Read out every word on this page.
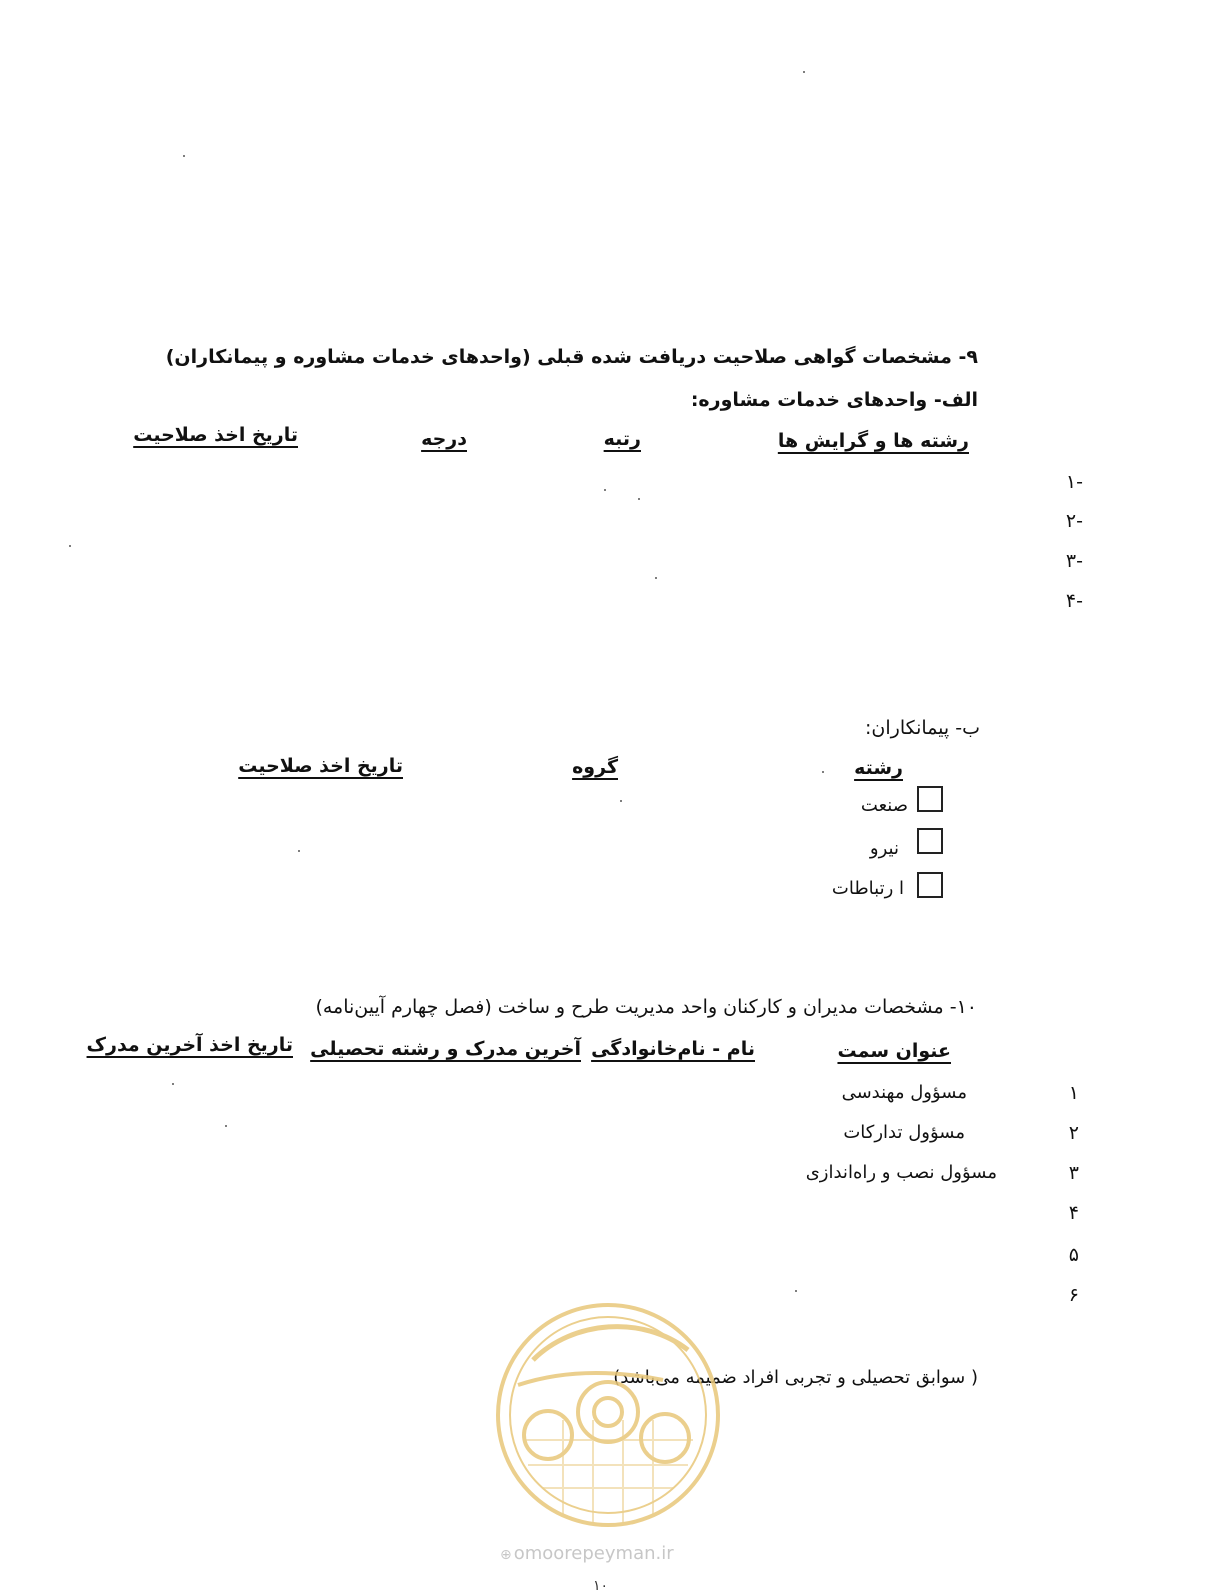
۹- مشخصات گواهی صلاحیت دریافت شده قبلی (واحدهای خدمات مشاوره و پیمانکاران)
الف- واحدهای خدمات مشاوره:
رشته ها و گرایش ها
رتبه
درجه
تاریخ اخذ صلاحیت
-۱
-۲
-۳
-۴
ب- پیمانکاران:
رشته
گروه
تاریخ اخذ صلاحیت
صنعت
نیرو
ا رتباطات
۱۰- مشخصات مدیران و کارکنان واحد مدیریت طرح و ساخت (فصل چهارم آیین‌نامه)
عنوان سمت
نام - نام‌خانوادگی
آخرین مدرک و رشته تحصیلی
تاریخ اخذ آخرین مدرک
۱
۲
۳
۴
۵
۶
مسؤول مهندسی
مسؤول تدارکات
مسؤول نصب و راه‌اندازی
( سوابق تحصیلی و تجربی افراد ضمیمه می‌باشد)
⊕ omoorepeyman.ir
۱۰
